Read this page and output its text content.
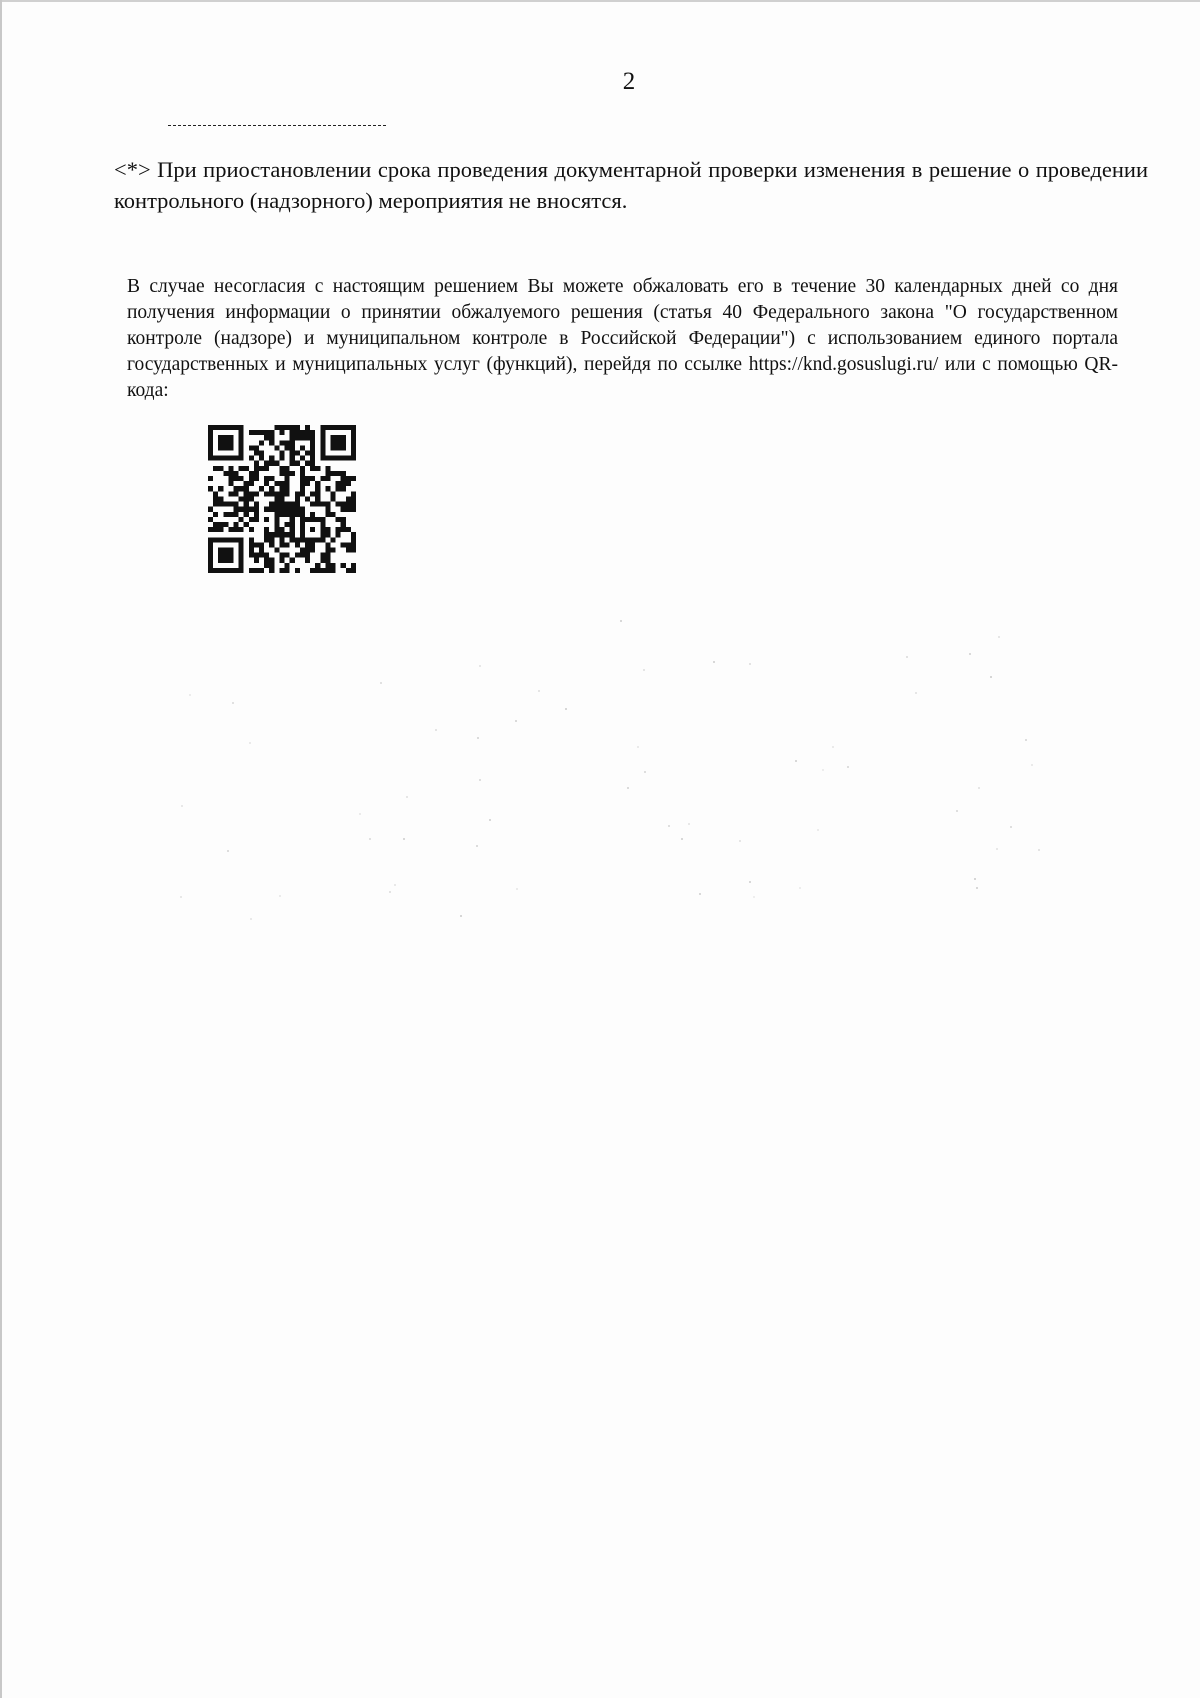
2

<*> При приостановлении срока проведения документарной проверки изменения в решение о проведении контрольного (надзорного) мероприятия не вносятся.

В случае несогласия с настоящим решением Вы можете обжаловать его в течение 30 календарных дней со дня получения информации о принятии обжалуемого решения (статья 40 Федерального закона "О государственном контроле (надзоре) и муниципальном контроле в Российской Федерации") с использованием единого портала государственных и муниципальных услуг (функций), перейдя по ссылке https://knd.gosuslugi.ru/ или с помощью QR-кода:
